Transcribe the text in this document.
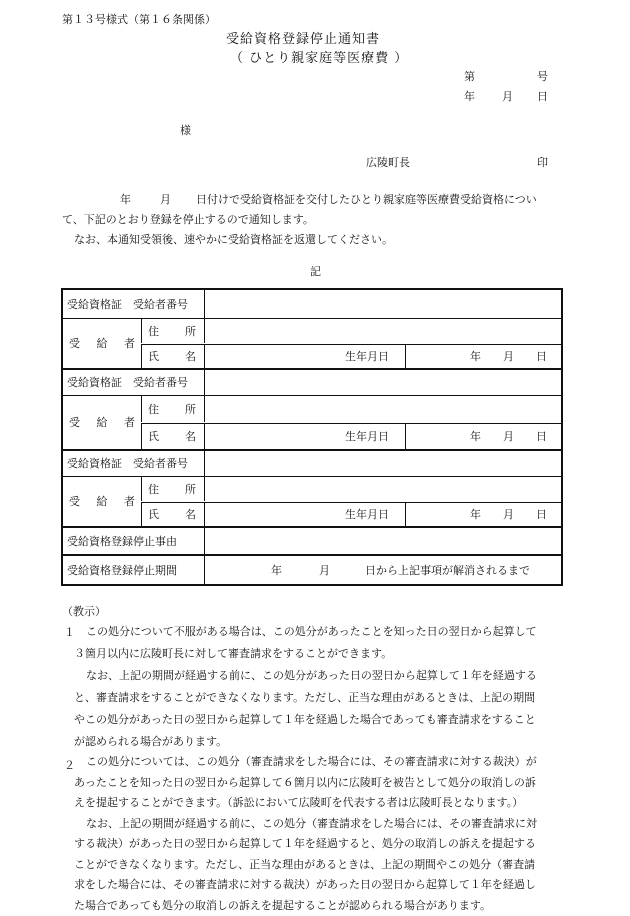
第１３号様式（第１６条関係）
受給資格登録停止通知書
（ ひとり親家庭等医療費 ）
第	号
年 月 日
様
広陵町長	印
年	月 日付けで受給資格証を交付したひとり親家庭等医療費受給資格につい
て、下記のとおり登録を停止するので通知します。
なお、本通知受領後、速やかに受給資格証を返還してください。
記
受給資格証　受給者番号
受 給 者
住 所
氏 名	生年月日	年 月 日
受給資格証　受給者番号
受 給 者
住 所
氏 名	生年月日	年 月 日
受給資格証　受給者番号
受 給 者
住 所
氏 名	生年月日	年 月 日
受給資格登録停止事由
受給資格登録停止期間	年	月	日から上記事項が解消されるまで
（教示）
１ この処分について不服がある場合は、この処分があったことを知った日の翌日から起算して
３箇月以内に広陵町長に対して審査請求をすることができます。
なお、上記の期間が経過する前に、この処分があった日の翌日から起算して１年を経過する
と、審査請求をすることができなくなります。ただし、正当な理由があるときは、上記の期間
やこの処分があった日の翌日から起算して１年を経過した場合であっても審査請求をすること
が認められる場合があります。
２ この処分については、この処分（審査請求をした場合には、その審査請求に対する裁決）が
あったことを知った日の翌日から起算して６箇月以内に広陵町を被告として処分の取消しの訴
えを提起することができます。（訴訟において広陵町を代表する者は広陵町長となります。）
なお、上記の期間が経過する前に、この処分（審査請求をした場合には、その審査請求に対
する裁決）があった日の翌日から起算して１年を経過すると、処分の取消しの訴えを提起する
ことができなくなります。ただし、正当な理由があるときは、上記の期間やこの処分（審査請
求をした場合には、その審査請求に対する裁決）があった日の翌日から起算して１年を経過し
た場合であっても処分の取消しの訴えを提起することが認められる場合があります。
